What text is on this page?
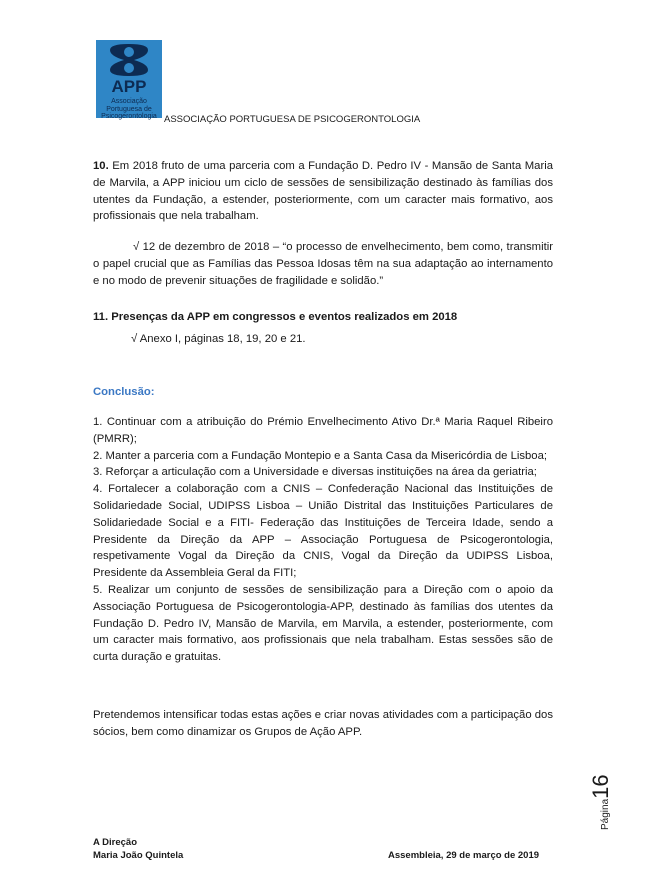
APP
Associação Portuguesa de Psicogerontologia ASSOCIAÇÃO PORTUGUESA DE PSICOGERONTOLOGIA
10. Em 2018 fruto de uma parceria com a Fundação D. Pedro IV - Mansão de Santa Maria de Marvila, a APP iniciou um ciclo de sessões de sensibilização destinado às famílias dos utentes da Fundação, a estender, posteriormente, com um caracter mais formativo, aos profissionais que nela trabalham.
√ 12 de dezembro de 2018 – “o processo de envelhecimento, bem como, transmitir o papel crucial que as Famílias das Pessoa Idosas têm na sua adaptação ao internamento e no modo de prevenir situações de fragilidade e solidão.”
11. Presenças da APP em congressos e eventos realizados em 2018
√ Anexo I, páginas 18, 19, 20 e 21.
Conclusão:
1. Continuar com a atribuição do Prémio Envelhecimento Ativo Dr.ª Maria Raquel Ribeiro (PMRR);
2. Manter a parceria com a Fundação Montepio e a Santa Casa da Misericórdia de Lisboa;
3. Reforçar a articulação com a Universidade e diversas instituições na área da geriatria;
4. Fortalecer a colaboração com a CNIS – Confederação Nacional das Instituições de Solidariedade Social, UDIPSS Lisboa – União Distrital das Instituições Particulares de Solidariedade Social e a FITI- Federação das Instituições de Terceira Idade, sendo a Presidente da Direção da APP – Associação Portuguesa de Psicogerontologia, respetivamente Vogal da Direção da CNIS, Vogal da Direção da UDIPSS Lisboa, Presidente da Assembleia Geral da FITI;
5. Realizar um conjunto de sessões de sensibilização para a Direção com o apoio da Associação Portuguesa de Psicogerontologia-APP, destinado às famílias dos utentes da Fundação D. Pedro IV, Mansão de Marvila, em Marvila, a estender, posteriormente, com um caracter mais formativo, aos profissionais que nela trabalham. Estas sessões são de curta duração e gratuitas.
Pretendemos intensificar todas estas ações e criar novas atividades com a participação dos sócios, bem como dinamizar os Grupos de Ação APP.
Página16
A Direção
Maria João Quintela	Assembleia, 29 de março de 2019
